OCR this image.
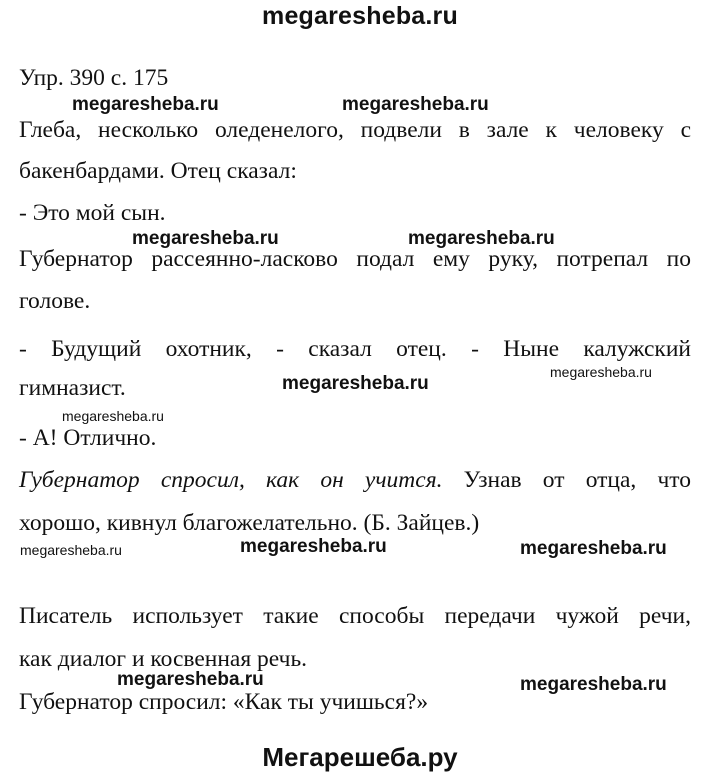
megaresheba.ru
Упр. 390 с. 175
Глеба, несколько оледенелого, подвели в зале к человеку с
бакенбардами. Отец сказал:
- Это мой сын.
Губернатор рассеянно-ласково подал ему руку, потрепал по
голове.
- Будущий охотник, - сказал отец. - Ныне калужский
гимназист.
- А! Отлично.
Губернатор спросил, как он учится. Узнав от отца, что
хорошо, кивнул благожелательно. (Б. Зайцев.)
Писатель использует такие способы передачи чужой речи,
как диалог и косвенная речь.
Губернатор спросил: «Как ты учишься?»
megaresheba.ru	megaresheba.ru
megaresheba.ru	megaresheba.ru
megaresheba.ru
megaresheba.ru
megaresheba.ru
megaresheba.ru	megaresheba.ru	megaresheba.ru
megaresheba.ru	megaresheba.ru
Мегарешеба.ру
